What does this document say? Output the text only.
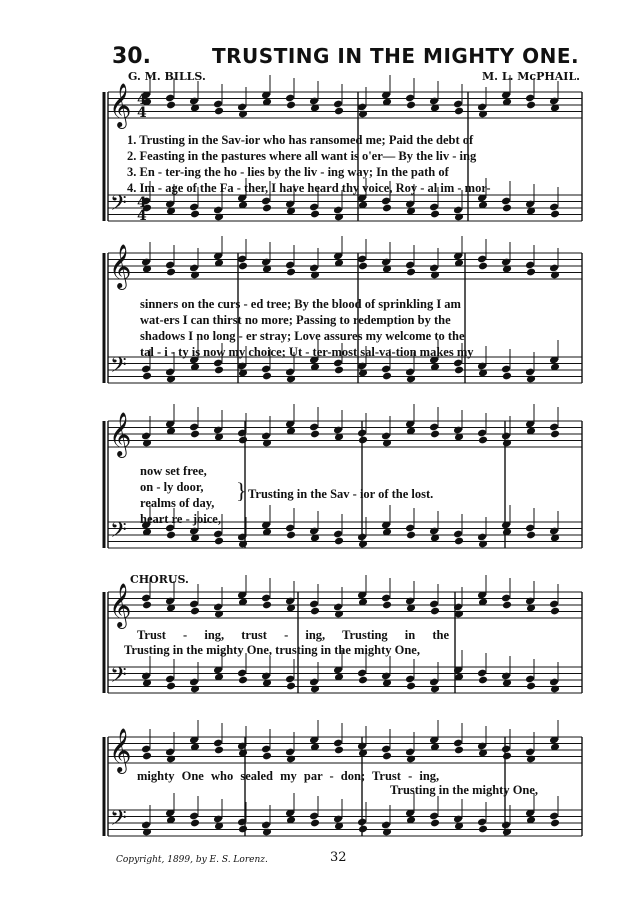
30.	TRUSTING IN THE MIGHTY ONE.
G. M. BILLS.	M. L. McPHAIL.
𝄞
𝄢
𝄞
𝄢
𝄞
𝄢
𝄞
𝄢
𝄞
𝄢
4
4
4
4
1. Trusting in the Sav-ior who has ransomed me; Paid the debt of
2. Feasting in the pastures where all want is o'er— By the liv - ing
3. En - ter-ing the ho - lies by the liv - ing way; In the path of
4. Im - age of the Fa - ther, I have heard thy voice, Roy - al im - mor-
sinners on the curs - ed tree; By the blood of sprinkling I am
wat-ers I can thirst no more; Passing to redemption by the
shadows I no long - er stray; Love assures my welcome to the
tal - i - ty is now my choice; Ut - ter-most sal-va-tion makes my
now set free,
on - ly door,
realms of day,
heart re - joice,
} Trusting in the Sav - ior of the lost.
CHORUS.
Trust - ing, trust - ing, Trusting in the
Trusting in the mighty One, trusting in the mighty One,
mighty One who sealed my par - don; Trust - ing,
Trusting in the mighty One,
Copyright, 1899, by E. S. Lorenz.	32
